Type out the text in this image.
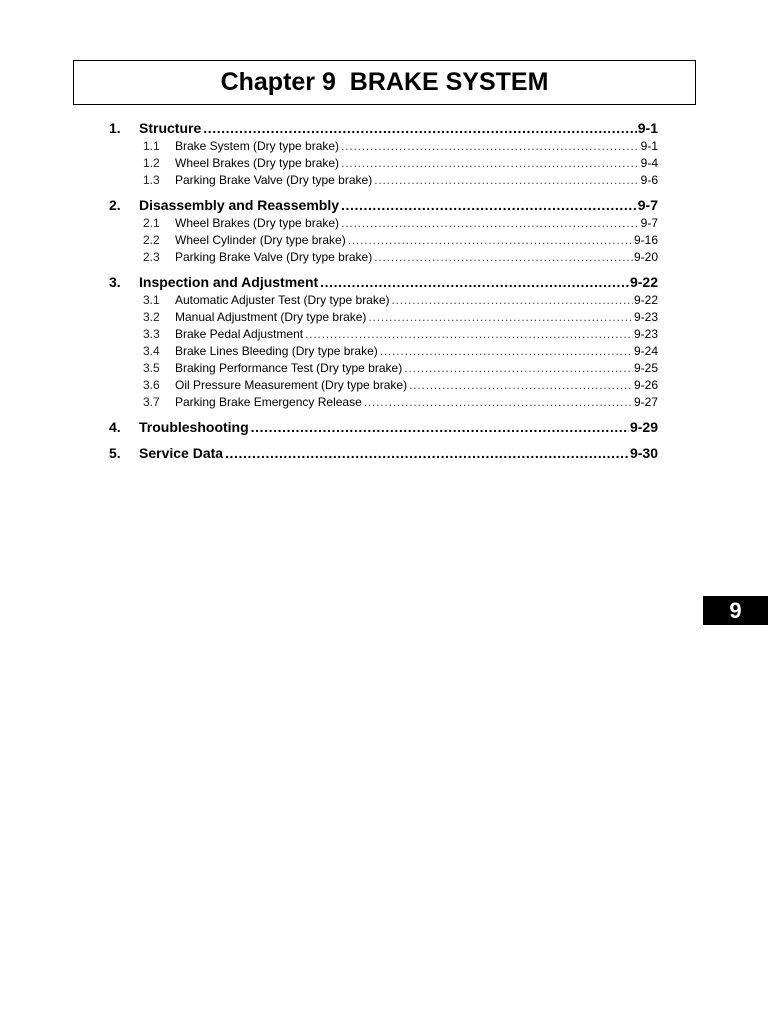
Chapter 9  BRAKE SYSTEM
1.	Structure .....	9-1
1.1	Brake System (Dry type brake) .....	9-1
1.2	Wheel Brakes (Dry type brake) .....	9-4
1.3	Parking Brake Valve (Dry type brake) .....	9-6
2.	Disassembly and Reassembly .....	9-7
2.1	Wheel Brakes (Dry type brake) .....	9-7
2.2	Wheel Cylinder (Dry type brake) .....	9-16
2.3	Parking Brake Valve (Dry type brake) .....	9-20
3.	Inspection and Adjustment .....	9-22
3.1	Automatic Adjuster Test (Dry type brake) .....	9-22
3.2	Manual Adjustment (Dry type brake) .....	9-23
3.3	Brake Pedal Adjustment .....	9-23
3.4	Brake Lines Bleeding (Dry type brake) .....	9-24
3.5	Braking Performance Test (Dry type brake) .....	9-25
3.6	Oil Pressure Measurement (Dry type brake) .....	9-26
3.7	Parking Brake Emergency Release .....	9-27
4.	Troubleshooting .....	9-29
5.	Service Data .....	9-30
9
